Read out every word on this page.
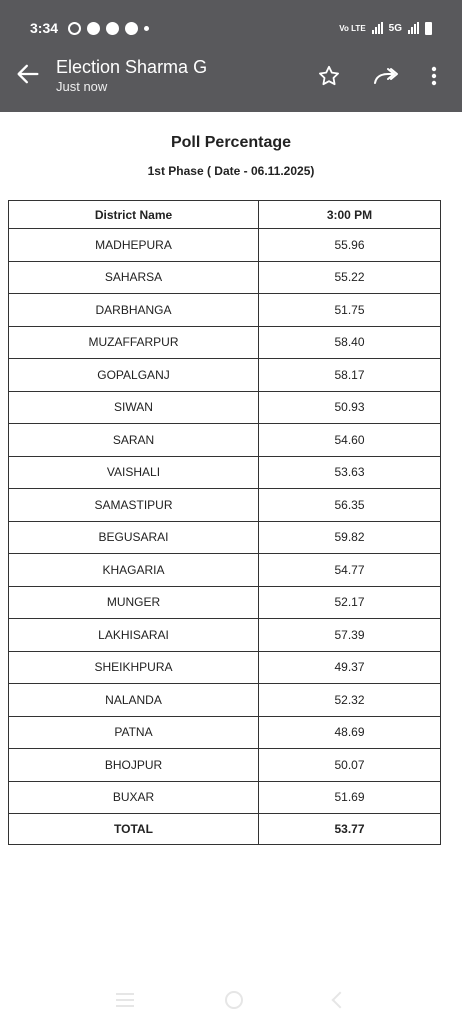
Poll Percentage
1st Phase ( Date - 06.11.2025)
District Name	3:00 PM
MADHEPURA	55.96
SAHARSA	55.22
DARBHANGA	51.75
MUZAFFARPUR	58.40
GOPALGANJ	58.17
SIWAN	50.93
SARAN	54.60
VAISHALI	53.63
SAMASTIPUR	56.35
BEGUSARAI	59.82
KHAGARIA	54.77
MUNGER	52.17
LAKHISARAI	57.39
SHEIKHPURA	49.37
NALANDA	52.32
PATNA	48.69
BHOJPUR	50.07
BUXAR	51.69
TOTAL	53.77
3:34	Vo LTE 5G
Election Sharma G
Just now
